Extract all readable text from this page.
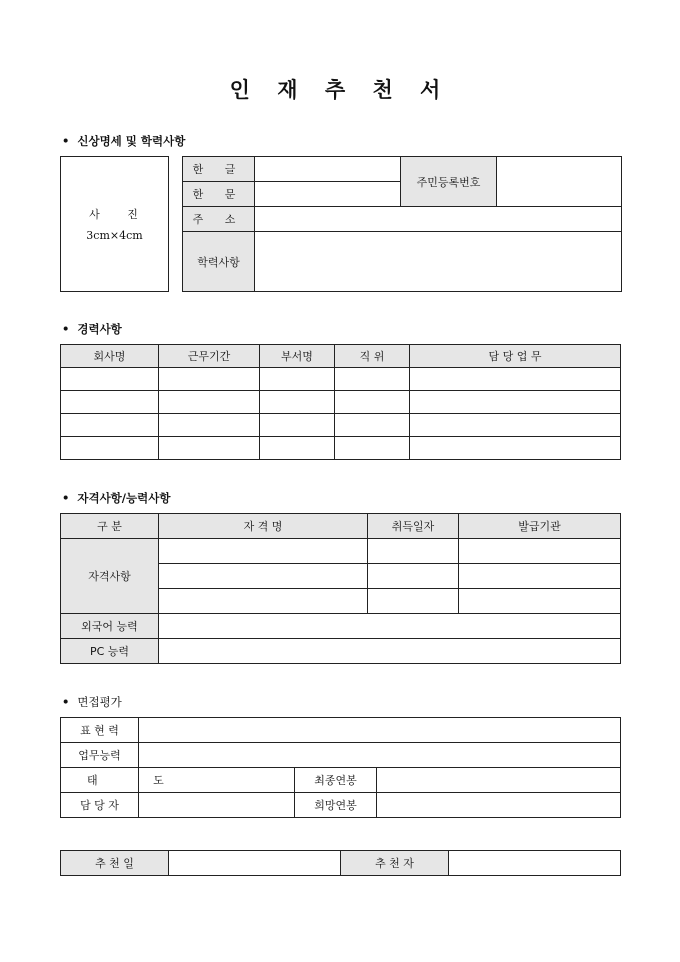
인 재 추 천 서
• 신상명세 및 학력사항
사 진
3cm×4cm
한 글		주민등록번호	
한 문			
주 소			
학력사항			
• 경력사항
회사명	근무기간	부서명	직 위	담 당 업 무

• 자격사항/능력사항
구 분	자 격 명	취득일자	발급기관
자격사항			

외국어 능력			
PC 능력			
• 면접평가
표 현 력			
업무능력			
태 도		최종연봉	
담 당 자		희망연봉	
추 천 일		추 천 자	
